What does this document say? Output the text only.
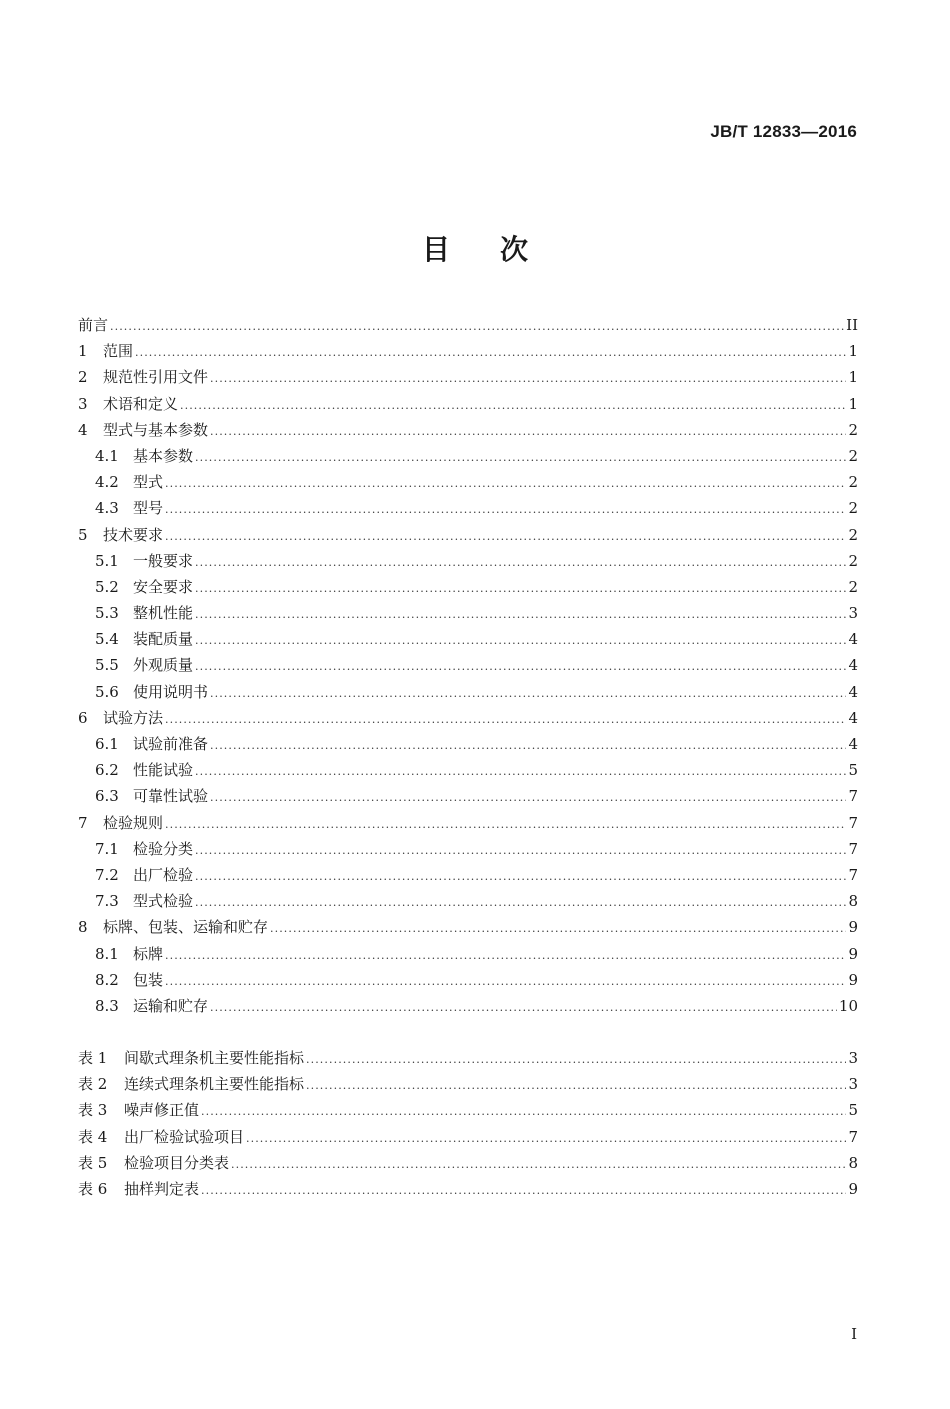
JB/T 12833—2016
目 次
前言 .....	II
1	范围 .....	1
2	规范性引用文件 .....	1
3	术语和定义 .....	1
4	型式与基本参数 .....	2
4.1 基本参数 .....	2
4.2 型式 .....	2
4.3 型号 .....	2
5	技术要求 .....	2
5.1 一般要求 .....	2
5.2 安全要求 .....	2
5.3 整机性能 .....	3
5.4 装配质量 .....	4
5.5 外观质量 .....	4
5.6 使用说明书 .....	4
6	试验方法 .....	4
6.1 试验前准备 .....	4
6.2 性能试验 .....	5
6.3 可靠性试验 .....	7
7	检验规则 .....	7
7.1 检验分类 .....	7
7.2 出厂检验 .....	7
7.3 型式检验 .....	8
8	标牌、包装、运输和贮存 .....	9
8.1 标牌 .....	9
8.2 包装 .....	9
8.3 运输和贮存 .....	10
表 1	间歇式理条机主要性能指标 .....	3
表 2	连续式理条机主要性能指标 .....	3
表 3	噪声修正值 .....	5
表 4	出厂检验试验项目 .....	7
表 5	检验项目分类表 .....	8
表 6	抽样判定表 .....	9
I
